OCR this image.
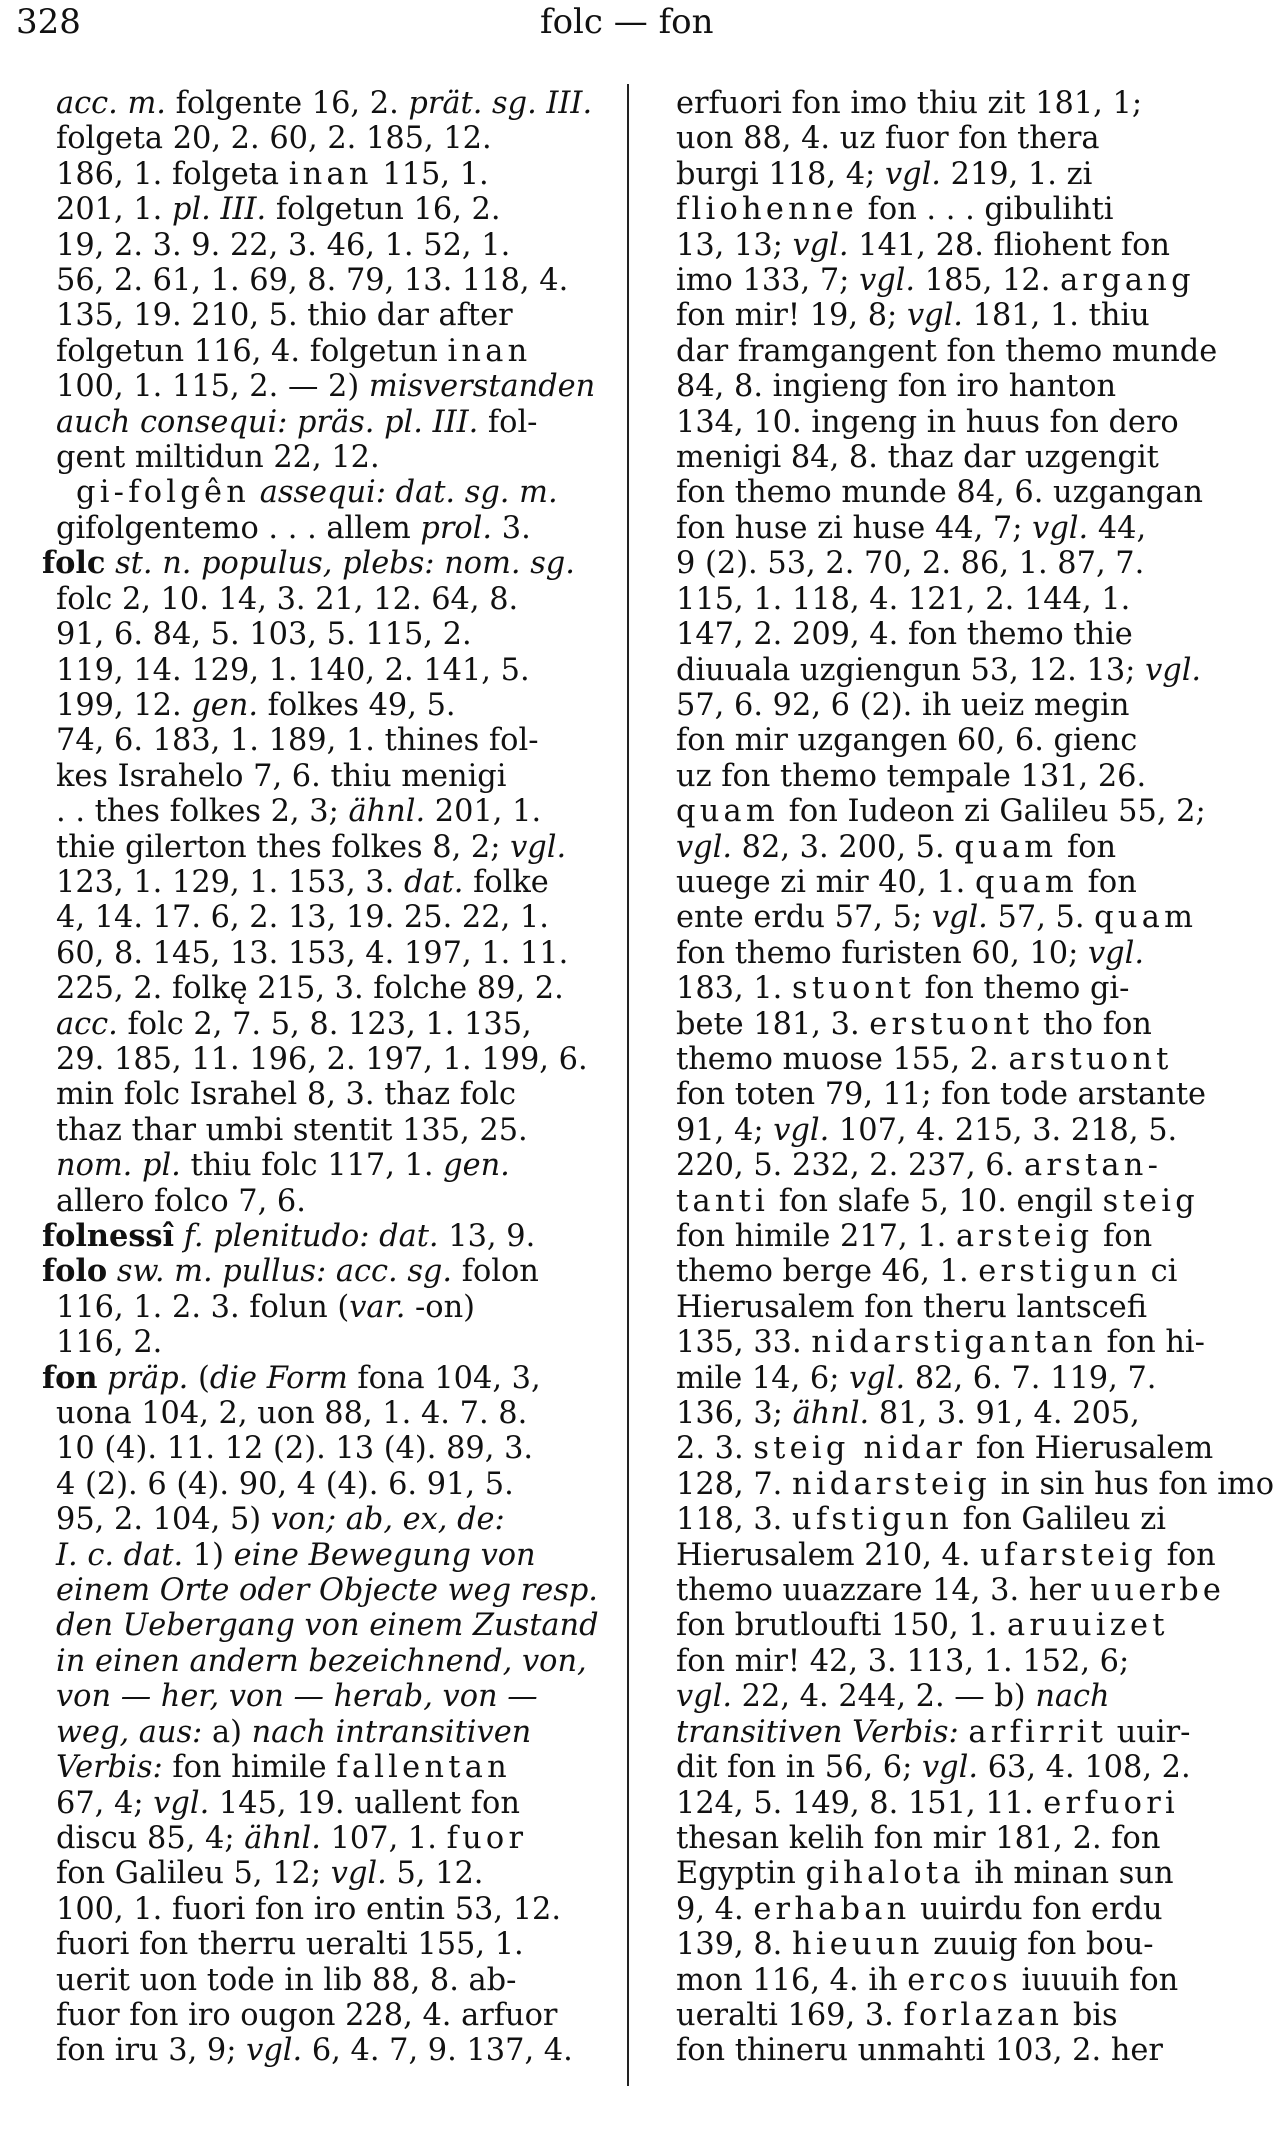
328	folc — fon
acc. m. folgente 16, 2. prät. sg. III.
folgeta 20, 2. 60, 2. 185, 12.
186, 1. folgeta inan 115, 1.
201, 1. pl. III. folgetun 16, 2.
19, 2. 3. 9. 22, 3. 46, 1. 52, 1.
56, 2. 61, 1. 69, 8. 79, 13. 118, 4.
135, 19. 210, 5. thio dar after
folgetun 116, 4. folgetun inan
100, 1. 115, 2. — 2) misverstanden
auch consequi: präs. pl. III. fol-
gent miltidun 22, 12.
gi-folgên assequi: dat. sg. m.
gifolgentemo . . . allem prol. 3.
folc st. n. populus, plebs: nom. sg.
folc 2, 10. 14, 3. 21, 12. 64, 8.
91, 6. 84, 5. 103, 5. 115, 2.
119, 14. 129, 1. 140, 2. 141, 5.
199, 12. gen. folkes 49, 5.
74, 6. 183, 1. 189, 1. thines fol-
kes Israhelo 7, 6. thiu menigi
. . thes folkes 2, 3; ähnl. 201, 1.
thie gilerton thes folkes 8, 2; vgl.
123, 1. 129, 1. 153, 3. dat. folke
4, 14. 17. 6, 2. 13, 19. 25. 22, 1.
60, 8. 145, 13. 153, 4. 197, 1. 11.
225, 2. folkę 215, 3. folche 89, 2.
acc. folc 2, 7. 5, 8. 123, 1. 135,
29. 185, 11. 196, 2. 197, 1. 199, 6.
min folc Israhel 8, 3. thaz folc
thaz thar umbi stentit 135, 25.
nom. pl. thiu folc 117, 1. gen.
allero folco 7, 6.
folnessî f. plenitudo: dat. 13, 9.
folo sw. m. pullus: acc. sg. folon
116, 1. 2. 3. folun (var. -on)
116, 2.
fon präp. (die Form fona 104, 3,
uona 104, 2, uon 88, 1. 4. 7. 8.
10 (4). 11. 12 (2). 13 (4). 89, 3.
4 (2). 6 (4). 90, 4 (4). 6. 91, 5.
95, 2. 104, 5) von; ab, ex, de:
I. c. dat. 1) eine Bewegung von
einem Orte oder Objecte weg resp.
den Uebergang von einem Zustand
in einen andern bezeichnend, von,
von — her, von — herab, von —
weg, aus: a) nach intransitiven
Verbis: fon himile fallentan
67, 4; vgl. 145, 19. uallent fon
discu 85, 4; ähnl. 107, 1. fuor
fon Galileu 5, 12; vgl. 5, 12.
100, 1. fuori fon iro entin 53, 12.
fuori fon therru ueralti 155, 1.
uerit uon tode in lib 88, 8. ab-
fuor fon iro ougon 228, 4. arfuor
fon iru 3, 9; vgl. 6, 4. 7, 9. 137, 4.
erfuori fon imo thiu zit 181, 1;
uon 88, 4. uz fuor fon thera
burgi 118, 4; vgl. 219, 1. zi
fliohenne fon . . . gibulihti
13, 13; vgl. 141, 28. fliohent fon
imo 133, 7; vgl. 185, 12. argang
fon mir! 19, 8; vgl. 181, 1. thiu
dar framgangent fon themo munde
84, 8. ingieng fon iro hanton
134, 10. ingeng in huus fon dero
menigi 84, 8. thaz dar uzgengit
fon themo munde 84, 6. uzgangan
fon huse zi huse 44, 7; vgl. 44,
9 (2). 53, 2. 70, 2. 86, 1. 87, 7.
115, 1. 118, 4. 121, 2. 144, 1.
147, 2. 209, 4. fon themo thie
diuuala uzgiengun 53, 12. 13; vgl.
57, 6. 92, 6 (2). ih ueiz megin
fon mir uzgangen 60, 6. gienc
uz fon themo tempale 131, 26.
quam fon Iudeon zi Galileu 55, 2;
vgl. 82, 3. 200, 5. quam fon
uuege zi mir 40, 1. quam fon
ente erdu 57, 5; vgl. 57, 5. quam
fon themo furisten 60, 10; vgl.
183, 1. stuont fon themo gi-
bete 181, 3. erstuont tho fon
themo muose 155, 2. arstuont
fon toten 79, 11; fon tode arstante
91, 4; vgl. 107, 4. 215, 3. 218, 5.
220, 5. 232, 2. 237, 6. arstan-
tanti fon slafe 5, 10. engil steig
fon himile 217, 1. arsteig fon
themo berge 46, 1. erstigun ci
Hierusalem fon theru lantscefi
135, 33. nidarstigantan fon hi-
mile 14, 6; vgl. 82, 6. 7. 119, 7.
136, 3; ähnl. 81, 3. 91, 4. 205,
2. 3. steig nidar fon Hierusalem
128, 7. nidarsteig in sin hus fon imo
118, 3. ufstigun fon Galileu zi
Hierusalem 210, 4. ufarsteig fon
themo uuazzare 14, 3. her uuerbe
fon brutloufti 150, 1. aruuizet
fon mir! 42, 3. 113, 1. 152, 6;
vgl. 22, 4. 244, 2. — b) nach
transitiven Verbis: arfirrit uuir-
dit fon in 56, 6; vgl. 63, 4. 108, 2.
124, 5. 149, 8. 151, 11. erfuori
thesan kelih fon mir 181, 2. fon
Egyptin gihalota ih minan sun
9, 4. erhaban uuirdu fon erdu
139, 8. hieuun zuuig fon bou-
mon 116, 4. ih ercos iuuuih fon
ueralti 169, 3. forlazan bis
fon thineru unmahti 103, 2. her
